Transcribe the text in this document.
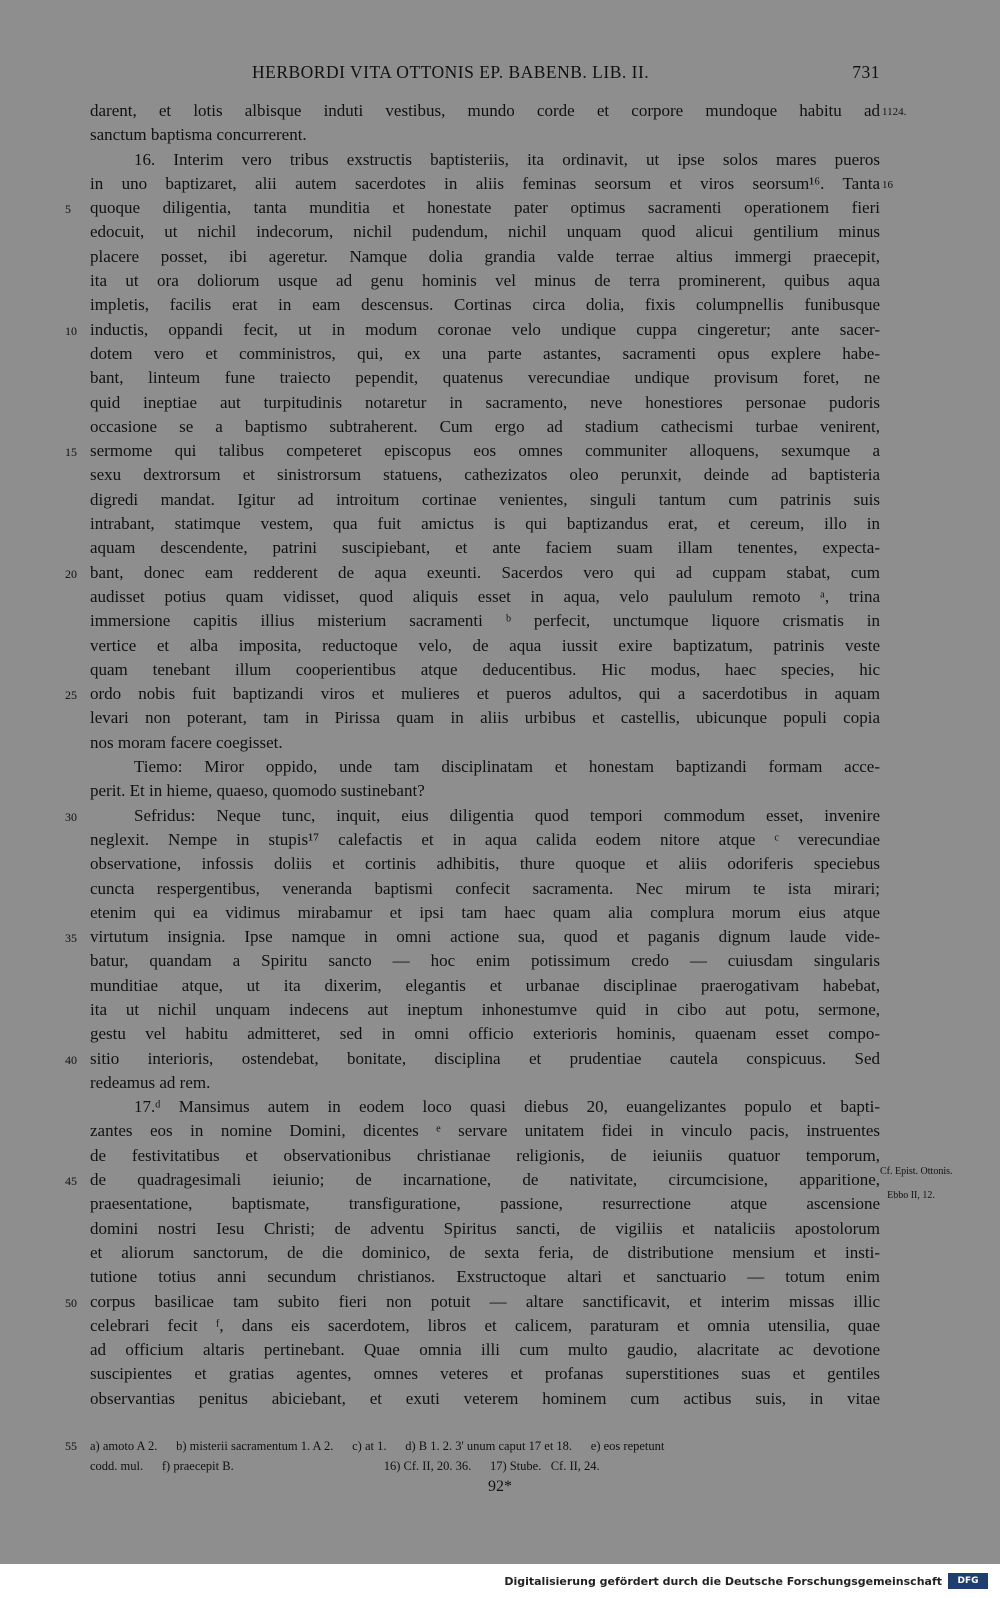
HERBORDI VITA OTTONIS EP. BABENB. LIB. II.	731
darent, et lotis albisque induti vestibus, mundo corde et corpore mundoque habitu ad 1124.
sanctum baptisma concurrerent.
16. Interim vero tribus exstructis baptisteriis, ita ordinavit, ut ipse solos mares pueros
in uno baptizaret, alii autem sacerdotes in aliis feminas seorsum et viros seorsum¹⁶. Tanta 16
5 quoque diligentia, tanta munditia et honestate pater optimus sacramenti operationem fieri
edocuit, ut nichil indecorum, nichil pudendum, nichil unquam quod alicui gentilium minus
placere posset, ibi ageretur. Namque dolia grandia valde terrae altius immergi praecepit,
ita ut ora doliorum usque ad genu hominis vel minus de terra prominerent, quibus aqua
impletis, facilis erat in eam descensus. Cortinas circa dolia, fixis columpnellis funibusque
10 inductis, oppandi fecit, ut in modum coronae velo undique cuppa cingeretur; ante sacer-
dotem vero et comministros, qui, ex una parte astantes, sacramenti opus explere habe-
bant, linteum fune traiecto pependit, quatenus verecundiae undique provisum foret, ne
quid ineptiae aut turpitudinis notaretur in sacramento, neve honestiores personae pudoris
occasione se a baptismo subtraherent. Cum ergo ad stadium cathecismi turbae venirent,
15 sermome qui talibus competeret episcopus eos omnes communiter alloquens, sexumque a
sexu dextrorsum et sinistrorsum statuens, cathezizatos oleo perunxit, deinde ad baptisteria
digredi mandat. Igitur ad introitum cortinae venientes, singuli tantum cum patrinis suis
intrabant, statimque vestem, qua fuit amictus is qui baptizandus erat, et cereum, illo in
aquam descendente, patrini suscipiebant, et ante faciem suam illam tenentes, expecta-
20 bant, donec eam redderent de aqua exeunti. Sacerdos vero qui ad cuppam stabat, cum
audisset potius quam vidisset, quod aliquis esset in aqua, velo paululum remoto ᵃ, trina
immersione capitis illius misterium sacramenti ᵇ perfecit, unctumque liquore crismatis in
vertice et alba imposita, reductoque velo, de aqua iussit exire baptizatum, patrinis veste
quam tenebant illum cooperientibus atque deducentibus. Hic modus, haec species, hic
25 ordo nobis fuit baptizandi viros et mulieres et pueros adultos, qui a sacerdotibus in aquam
levari non poterant, tam in Pirissa quam in aliis urbibus et castellis, ubicunque populi copia
nos moram facere coegisset.
Tiemo: Miror oppido, unde tam disciplinatam et honestam baptizandi formam acce-
perit. Et in hieme, quaeso, quomodo sustinebant?
30	Sefridus: Neque tunc, inquit, eius diligentia quod tempori commodum esset, invenire
neglexit. Nempe in stupis¹⁷ calefactis et in aqua calida eodem nitore atque ᶜ verecundiae
observatione, infossis doliis et cortinis adhibitis, thure quoque et aliis odoriferis speciebus
cuncta respergentibus, veneranda baptismi confecit sacramenta. Nec mirum te ista mirari;
etenim qui ea vidimus mirabamur et ipsi tam haec quam alia complura morum eius atque
35 virtutum insignia. Ipse namque in omni actione sua, quod et paganis dignum laude vide-
batur, quandam a Spiritu sancto — hoc enim potissimum credo — cuiusdam singularis
munditiae atque, ut ita dixerim, elegantis et urbanae disciplinae praerogativam habebat,
ita ut nichil unquam indecens aut ineptum inhonestumve quid in cibo aut potu, sermone,
gestu vel habitu admitteret, sed in omni officio exterioris hominis, quaenam esset compo-
40 sitio interioris, ostendebat, bonitate, disciplina et prudentiae cautela conspicuus. Sed
redeamus ad rem.
17.ᵈ Mansimus autem in eodem loco quasi diebus 20, euangelizantes populo et bapti-
zantes eos in nomine Domini, dicentes ᵉ servare unitatem fidei in vinculo pacis, instruentes
de festivitatibus et observationibus christianae religionis, de ieiuniis quatuor temporum,
45 de quadragesimali ieiunio; de incarnatione, de nativitate, circumcisione, apparitione, Cf. Epist. Ottonis.
praesentatione, baptismate, transfiguratione, passione, resurrectione atque ascensione Ebbo II, 12.
domini nostri Iesu Christi; de adventu Spiritus sancti, de vigiliis et nataliciis apostolorum
et aliorum sanctorum, de die dominico, de sexta feria, de distributione mensium et insti-
tutione totius anni secundum christianos. Exstructoque altari et sanctuario — totum enim
50 corpus basilicae tam subito fieri non potuit — altare sanctificavit, et interim missas illic
celebrari fecit ᶠ, dans eis sacerdotem, libros et calicem, paraturam et omnia utensilia, quae
ad officium altaris pertinebant. Quae omnia illi cum multo gaudio, alacritate ac devotione
suscipientes et gratias agentes, omnes veteres et profanas superstitiones suas et gentiles
observantias penitus abiciebant, et exuti veterem hominem cum actibus suis, in vitae
55 a) amoto A 2.      b) misterii sacramentum 1. A 2.      c) at 1.      d) B 1. 2. 3' unum caput 17 et 18.      e) eos repetunt
codd. mul.      f) praecepit B.                                                16) Cf. II, 20. 36.      17) Stube.   Cf. II, 24.
92*
Digitalisierung gefördert durch die Deutsche Forschungsgemeinschaft	DFG
